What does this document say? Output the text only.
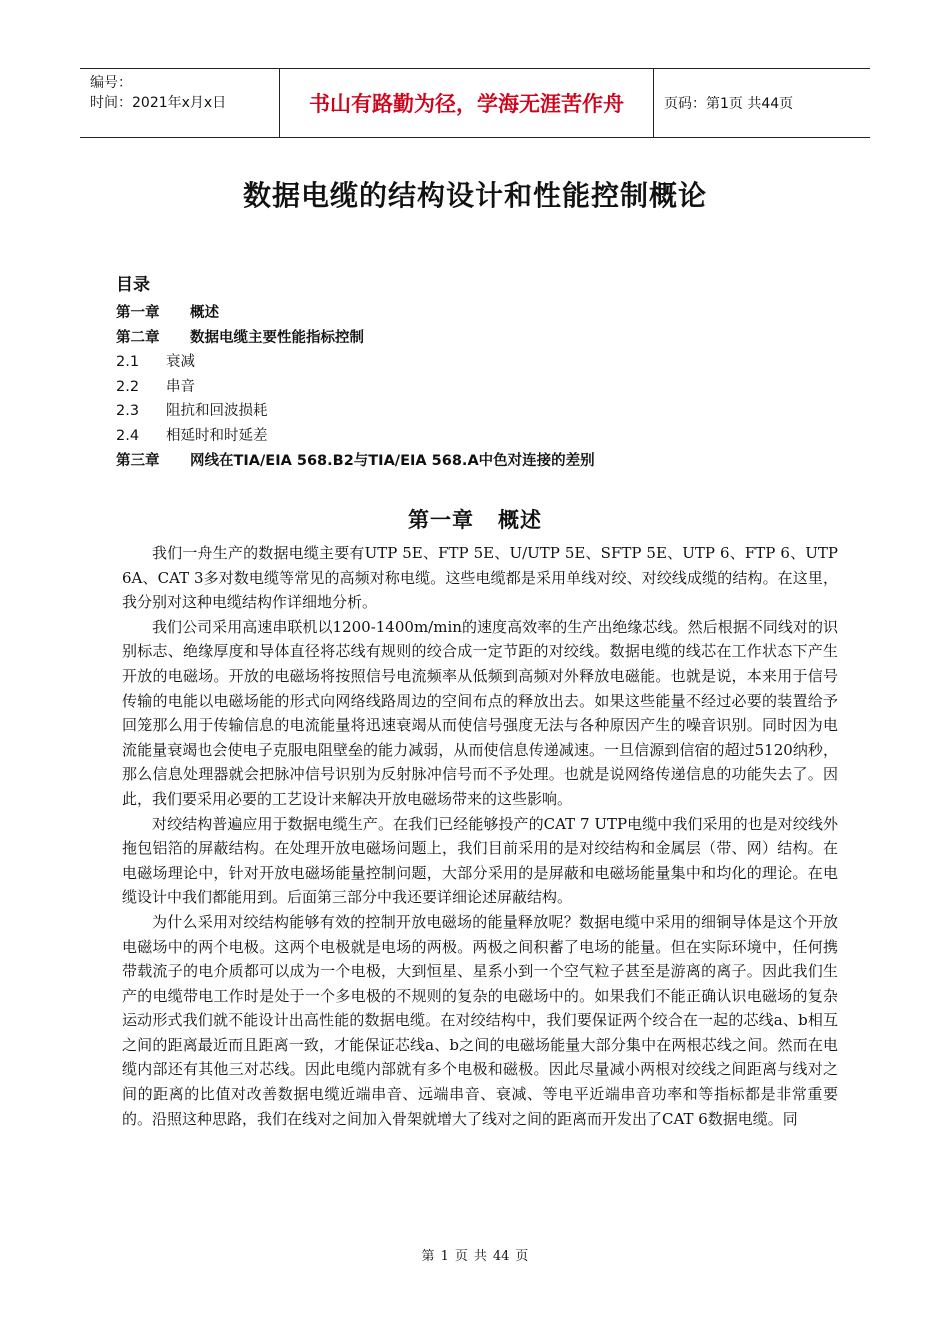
编号：
时间：2021年x月x日	书山有路勤为径，学海无涯苦作舟	页码：第1页 共44页
数据电缆的结构设计和性能控制概论
目录
第一章	概述
第二章	数据电缆主要性能指标控制
2.1	衰减
2.2	串音
2.3	阻抗和回波损耗
2.4	相延时和时延差
第三章	网线在TIA/EIA 568.B2与TIA/EIA 568.A中色对连接的差别
第一章 概述

我们一舟生产的数据电缆主要有UTP 5E、FTP 5E、U/UTP 5E、SFTP 5E、UTP 6、FTP 6、UTP 6A、CAT 3多对数电缆等常见的高频对称电缆。这些电缆都是采用单线对绞、对绞线成缆的结构。在这里，我分别对这种电缆结构作详细地分析。

我们公司采用高速串联机以1200-1400m/min的速度高效率的生产出绝缘芯线。然后根据不同线对的识别标志、绝缘厚度和导体直径将芯线有规则的绞合成一定节距的对绞线。数据电缆的线芯在工作状态下产生开放的电磁场。开放的电磁场将按照信号电流频率从低频到高频对外释放电磁能。也就是说，本来用于信号传输的电能以电磁场能的形式向网络线路周边的空间布点的释放出去。如果这些能量不经过必要的装置给予回笼那么用于传输信息的电流能量将迅速衰竭从而使信号强度无法与各种原因产生的噪音识别。同时因为电流能量衰竭也会使电子克服电阻壁垒的能力减弱，从而使信息传递减速。一旦信源到信宿的超过5120纳秒，那么信息处理器就会把脉冲信号识别为反射脉冲信号而不予处理。也就是说网络传递信息的功能失去了。因此，我们要采用必要的工艺设计来解决开放电磁场带来的这些影响。

对绞结构普遍应用于数据电缆生产。在我们已经能够投产的CAT 7 UTP电缆中我们采用的也是对绞线外拖包铝箔的屏蔽结构。在处理开放电磁场问题上，我们目前采用的是对绞结构和金属层（带、网）结构。在电磁场理论中，针对开放电磁场能量控制问题，大部分采用的是屏蔽和电磁场能量集中和均化的理论。在电缆设计中我们都能用到。后面第三部分中我还要详细论述屏蔽结构。

为什么采用对绞结构能够有效的控制开放电磁场的能量释放呢？数据电缆中采用的细铜导体是这个开放电磁场中的两个电极。这两个电极就是电场的两极。两极之间积蓄了电场的能量。但在实际环境中，任何携带载流子的电介质都可以成为一个电极，大到恒星、星系小到一个空气粒子甚至是游离的离子。因此我们生产的电缆带电工作时是处于一个多电极的不规则的复杂的电磁场中的。如果我们不能正确认识电磁场的复杂运动形式我们就不能设计出高性能的数据电缆。在对绞结构中，我们要保证两个绞合在一起的芯线a、b相互之间的距离最近而且距离一致，才能保证芯线a、b之间的电磁场能量大部分集中在两根芯线之间。然而在电缆内部还有其他三对芯线。因此电缆内部就有多个电极和磁极。因此尽量减小两根对绞线之间距离与线对之间的距离的比值对改善数据电缆近端串音、远端串音、衰减、等电平近端串音功率和等指标都是非常重要的。沿照这种思路，我们在线对之间加入骨架就增大了线对之间的距离而开发出了CAT 6数据电缆。同

第 1 页 共 44 页
